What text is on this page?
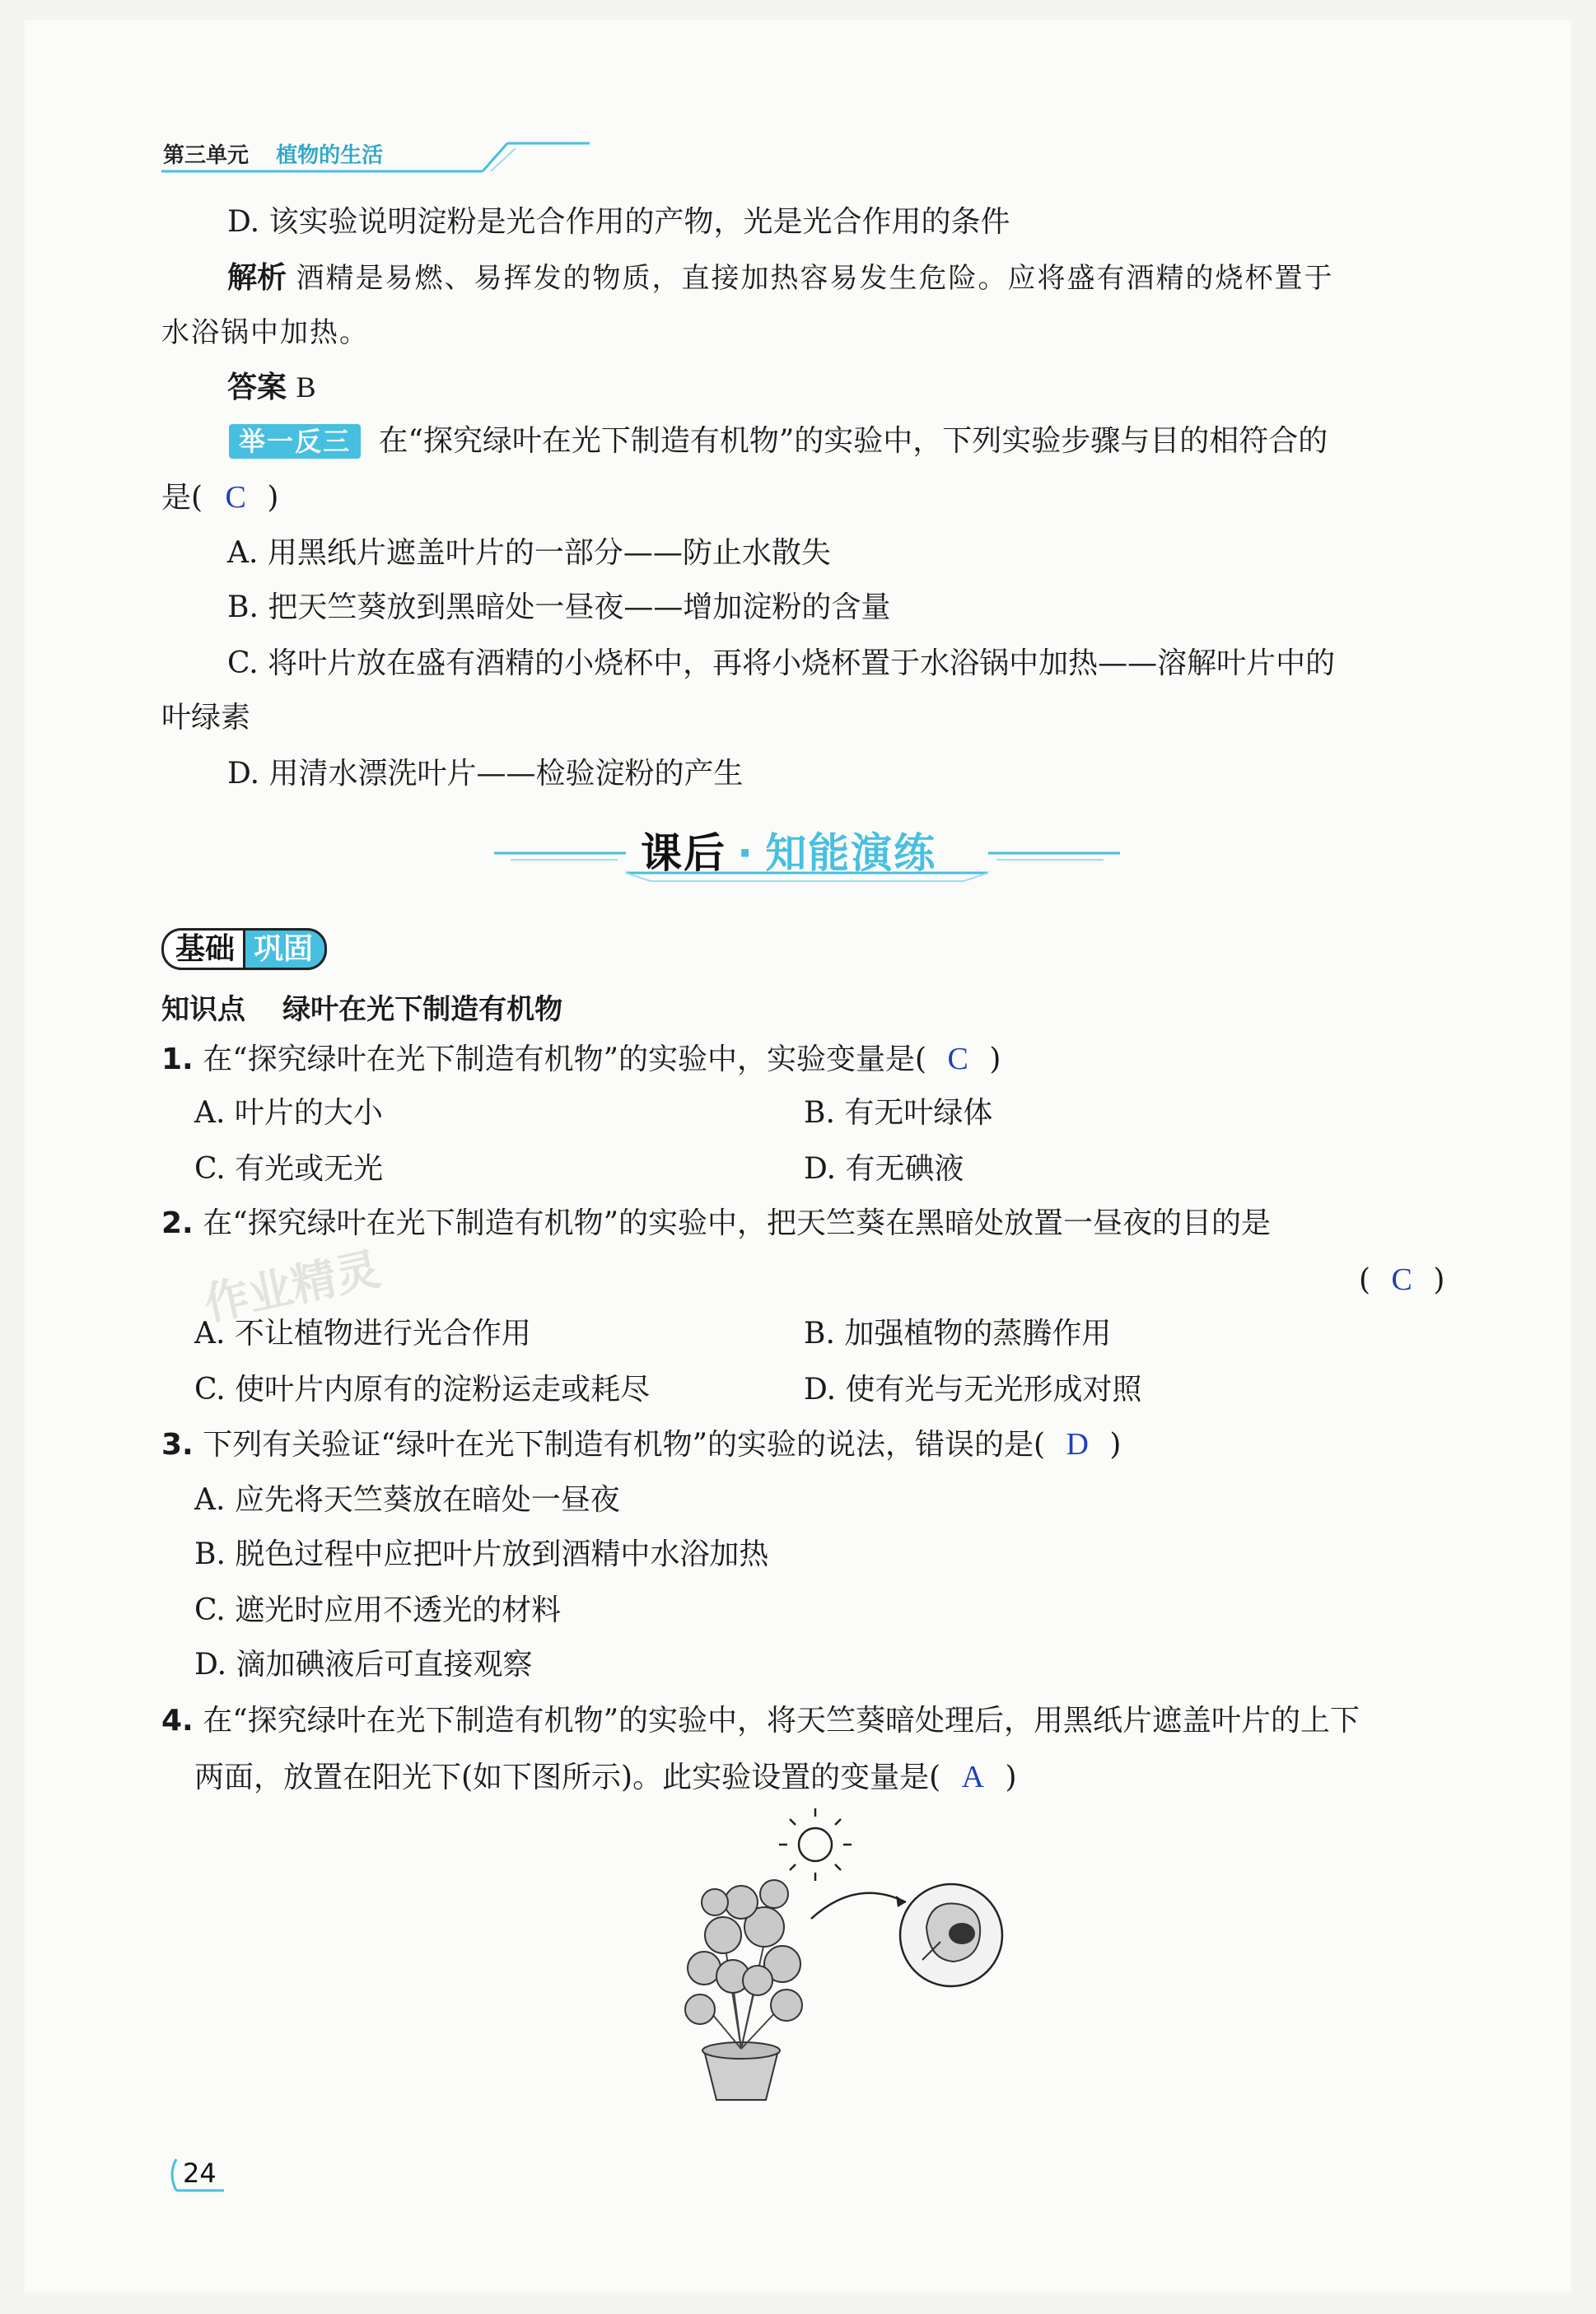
第三单元 植物的生活
D. 该实验说明淀粉是光合作用的产物，光是光合作用的条件
解析 酒精是易燃、易挥发的物质，直接加热容易发生危险。应将盛有酒精的烧杯置于
水浴锅中加热。
答案 B
举一反三 在“探究绿叶在光下制造有机物”的实验中，下列实验步骤与目的相符合的
是( C )
A. 用黑纸片遮盖叶片的一部分——防止水散失
B. 把天竺葵放到黑暗处一昼夜——增加淀粉的含量
C. 将叶片放在盛有酒精的小烧杯中，再将小烧杯置于水浴锅中加热——溶解叶片中的
叶绿素
D. 用清水漂洗叶片——检验淀粉的产生
课后 · 知能演练
基础 巩固
知识点 绿叶在光下制造有机物
1. 在“探究绿叶在光下制造有机物”的实验中，实验变量是( C )
A. 叶片的大小	B. 有无叶绿体
C. 有光或无光	D. 有无碘液
2. 在“探究绿叶在光下制造有机物”的实验中，把天竺葵在黑暗处放置一昼夜的目的是
( C )
作业精灵
A. 不让植物进行光合作用	B. 加强植物的蒸腾作用
C. 使叶片内原有的淀粉运走或耗尽	D. 使有光与无光形成对照
3. 下列有关验证“绿叶在光下制造有机物”的实验的说法，错误的是( D )
A. 应先将天竺葵放在暗处一昼夜
B. 脱色过程中应把叶片放到酒精中水浴加热
C. 遮光时应用不透光的材料
D. 滴加碘液后可直接观察
4. 在“探究绿叶在光下制造有机物”的实验中，将天竺葵暗处理后，用黑纸片遮盖叶片的上下
两面，放置在阳光下(如下图所示)。此实验设置的变量是( A )
24
